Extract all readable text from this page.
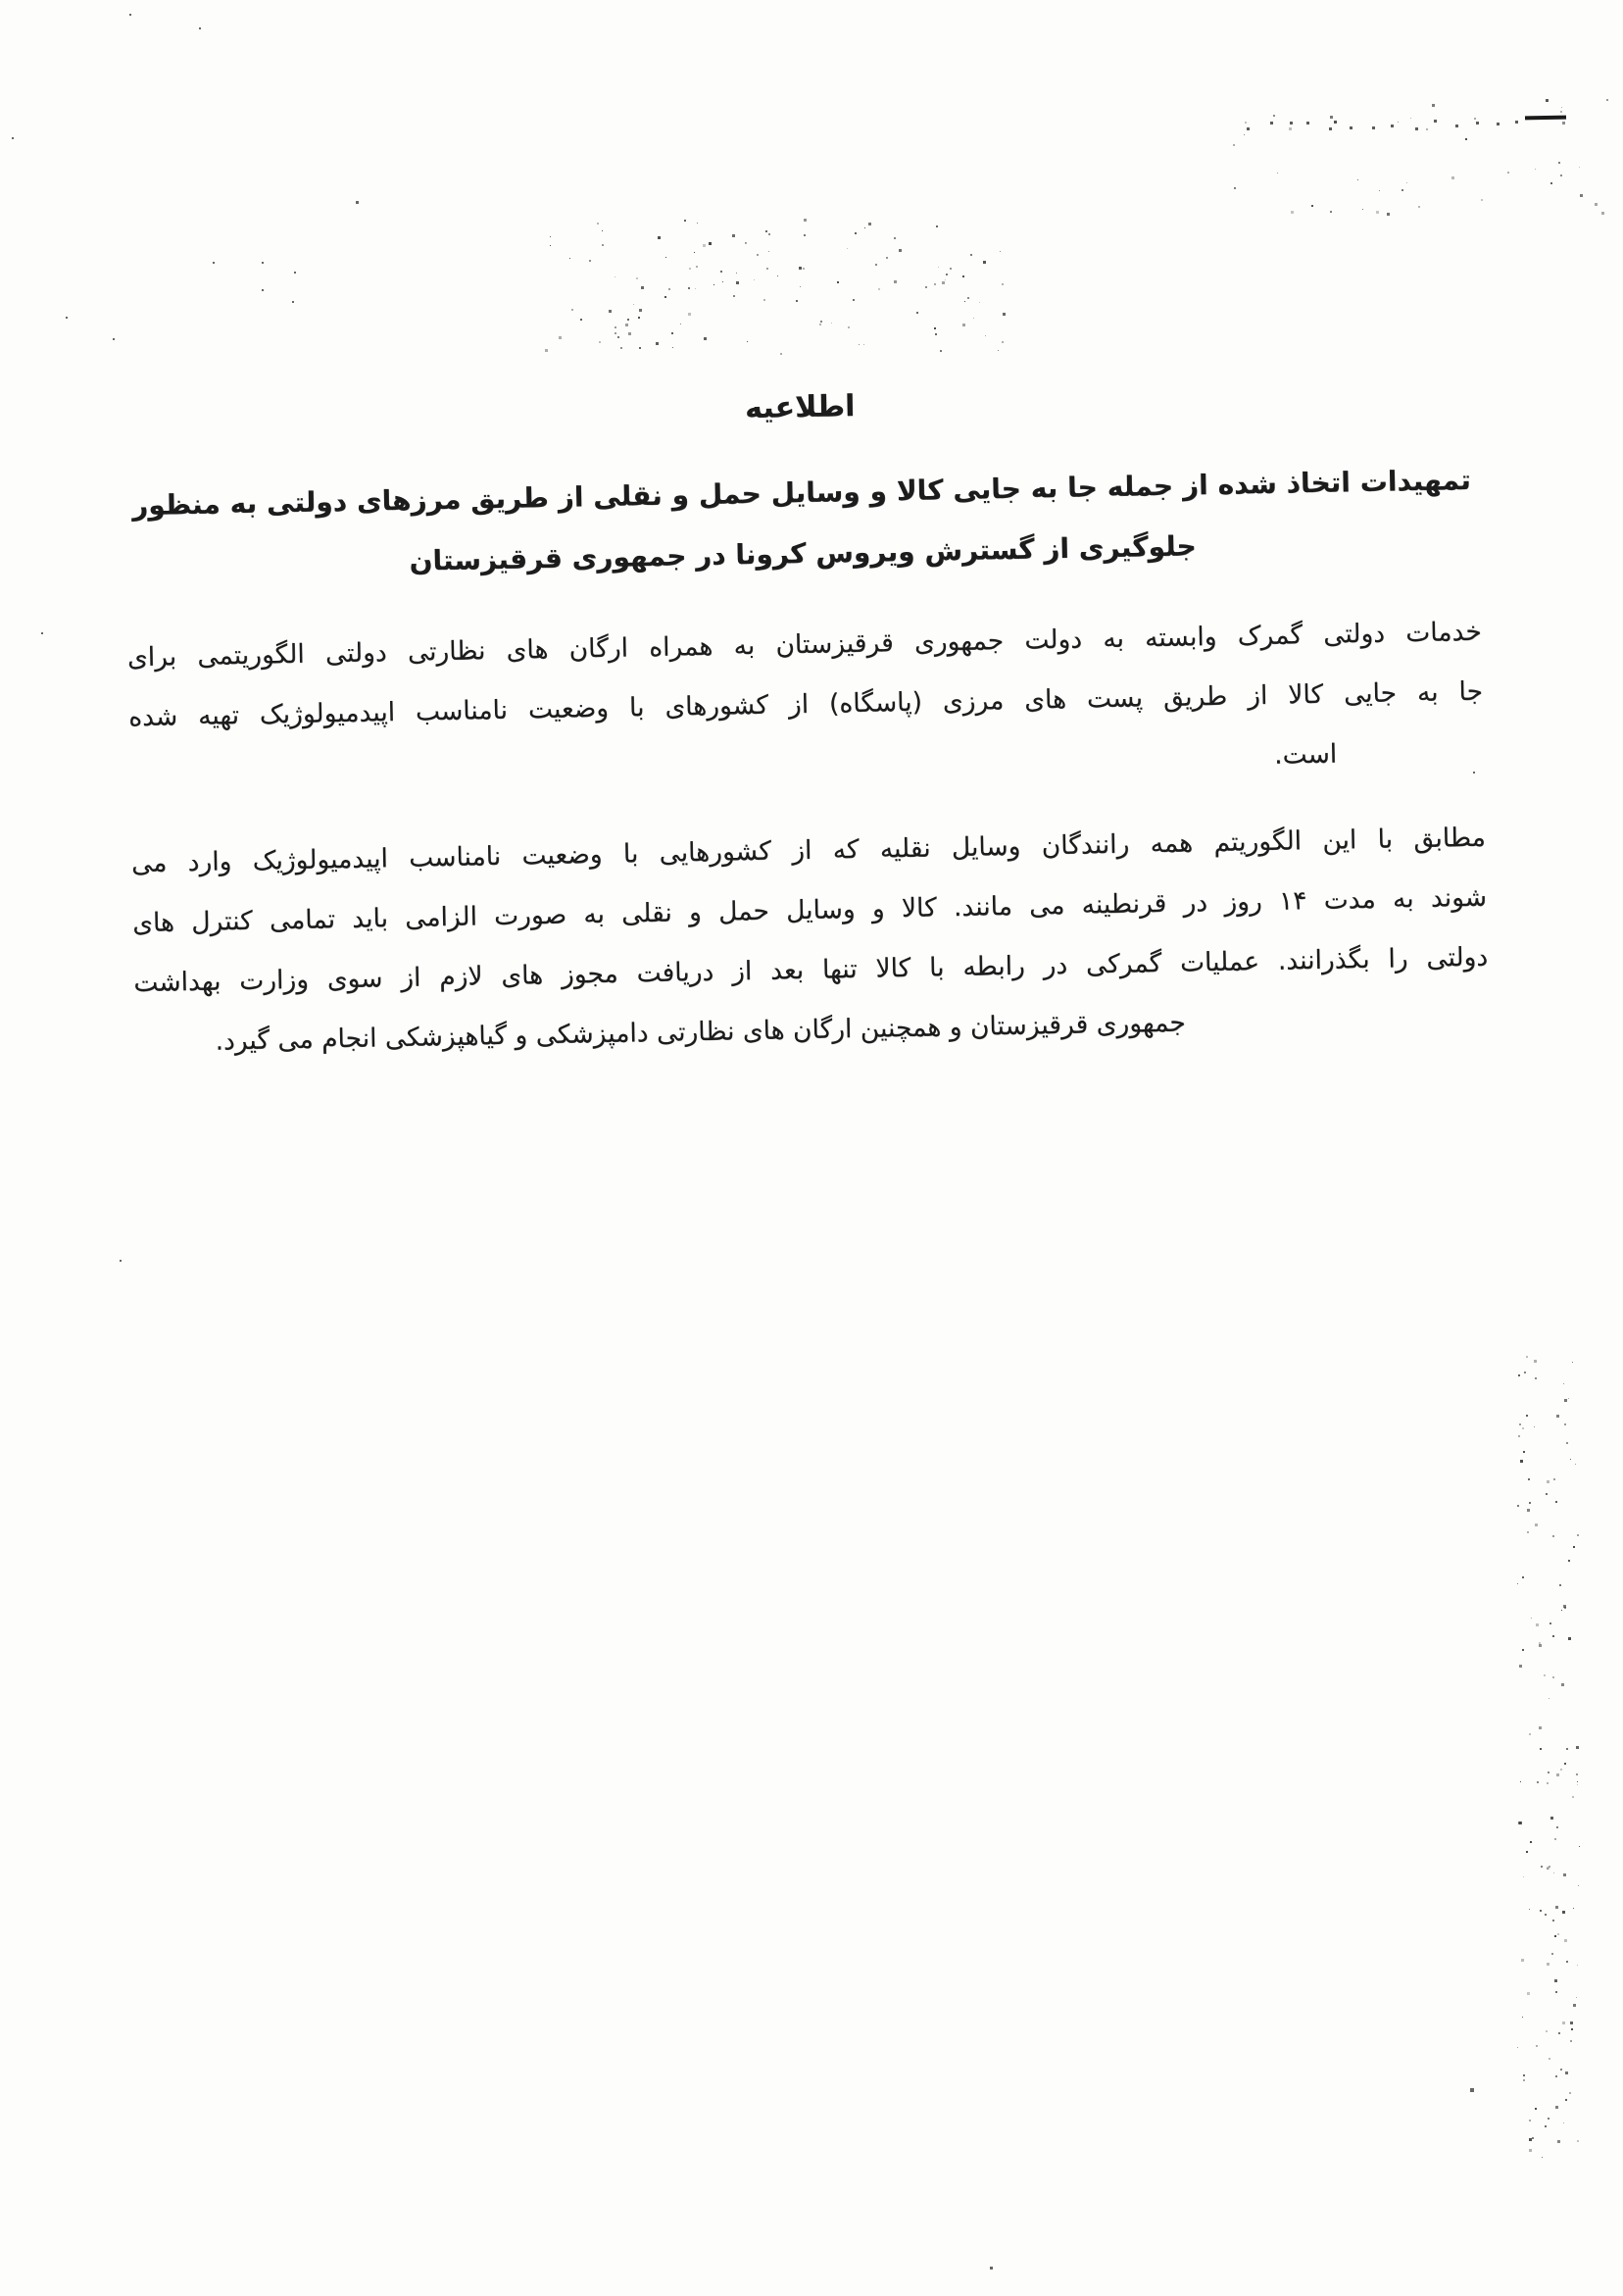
اطلاعیه
تمهیدات اتخاذ شده از جمله جا به جایی کالا و وسایل حمل و نقلی از طریق مرزهای دولتی به منظور
جلوگیری از گسترش ویروس کرونا در جمهوری قرقیزستان
خدمات دولتی گمرک وابسته به دولت جمهوری قرقیزستان به همراه ارگان های نظارتی دولتی الگوریتمی برای
جا به جایی کالا از طریق پست های مرزی (پاسگاه) از کشورهای با وضعیت نامناسب اپیدمیولوژیک تهیه شده
است.
مطابق با این الگوریتم همه رانندگان وسایل نقلیه که از کشورهایی با وضعیت نامناسب اپیدمیولوژیک وارد می
شوند به مدت ۱۴ روز در قرنطینه می مانند. کالا و وسایل حمل و نقلی به صورت الزامی باید تمامی کنترل های
دولتی را بگذرانند. عملیات گمرکی در رابطه با کالا تنها بعد از دریافت مجوز های لازم از سوی وزارت بهداشت
جمهوری قرقیزستان و همچنین ارگان های نظارتی دامپزشکی و گیاهپزشکی انجام می گیرد.
